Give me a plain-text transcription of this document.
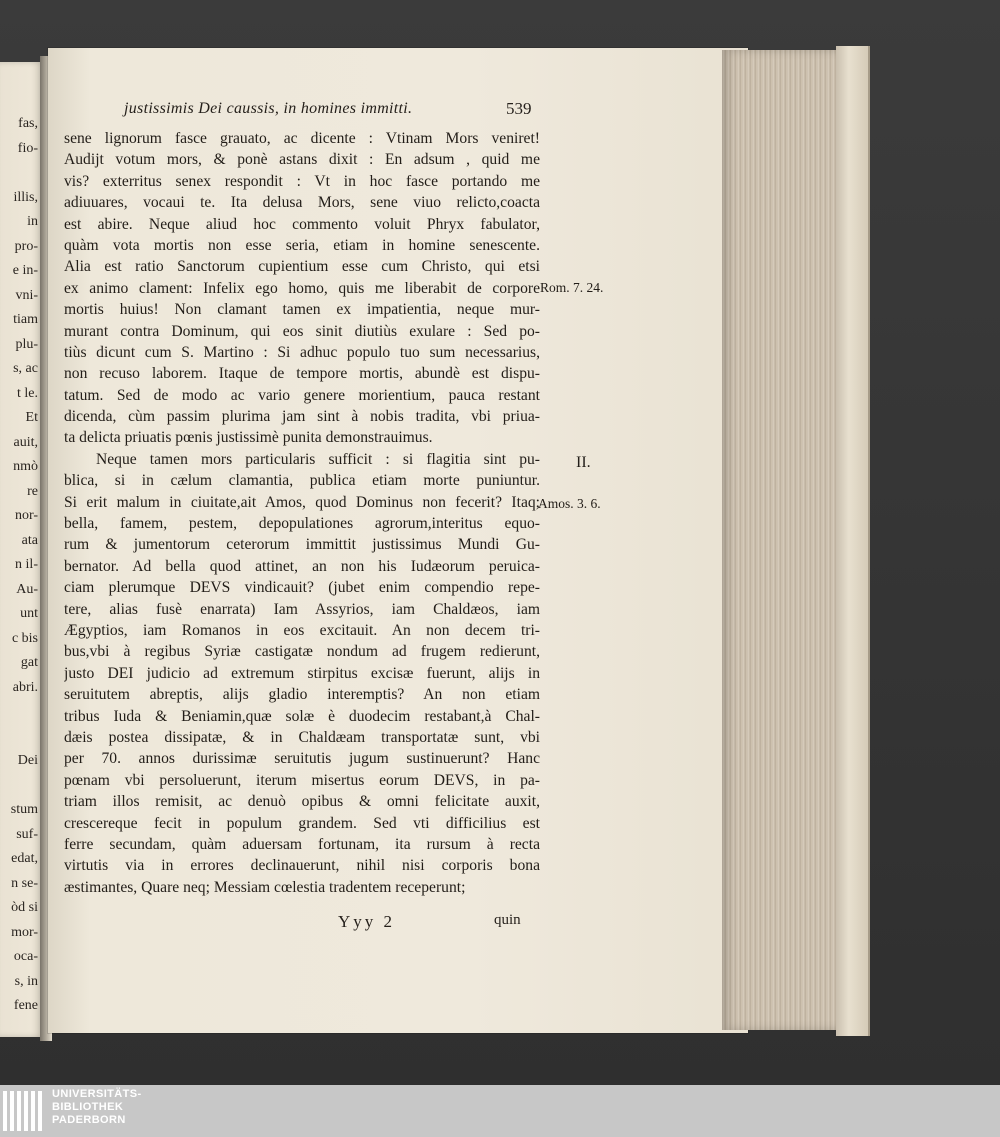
fas,
fio-
illis,
in
pro-
e in-
vni-
tiam
plu-
s, ac
t le.
Et
auit,
nmò
re
nor-
ata
n il-
Au-
unt
c bis
gat
abri.
Dei
stum
suf-
edat,
n se-
òd si
mor-
oca-
s, in
fene
justissimis Dei caussis, in homines immitti.	539
sene lignorum fasce grauato, ac dicente : Vtinam Mors veniret!
Audijt votum mors, & ponè astans dixit : En adsum , quid me
vis? exterritus senex respondit : Vt in hoc fasce portando me
adiuuares, vocaui te. Ita delusa Mors, sene viuo relicto,coacta
est abire. Neque aliud hoc commento voluit Phryx fabulator,
quàm vota mortis non esse seria, etiam in homine senescente.
Alia est ratio Sanctorum cupientium esse cum Christo, qui etsi
ex animo clament: Infelix ego homo, quis me liberabit de corpore
mortis huius! Non clamant tamen ex impatientia, neque mur-
murant contra Dominum, qui eos sinit diutiùs exulare : Sed po-
tiùs dicunt cum S. Martino : Si adhuc populo tuo sum necessarius,
non recuso laborem. Itaque de tempore mortis, abundè est dispu-
tatum. Sed de modo ac vario genere morientium, pauca restant
dicenda, cùm passim plurima jam sint à nobis tradita, vbi priua-
ta delicta priuatis pœnis justissimè punita demonstrauimus.
Neque tamen mors particularis sufficit : si flagitia sint pu-
blica, si in cælum clamantia, publica etiam morte puniuntur.
Si erit malum in ciuitate,ait Amos, quod Dominus non fecerit? Itaq;
bella, famem, pestem, depopulationes agrorum,interitus equo-
rum & jumentorum ceterorum immittit justissimus Mundi Gu-
bernator. Ad bella quod attinet, an non his Iudæorum peruica-
ciam plerumque DEVS vindicauit? (jubet enim compendio repe-
tere, alias fusè enarrata) Iam Assyrios, iam Chaldæos, iam
Ægyptios, iam Romanos in eos excitauit. An non decem tri-
bus,vbi à regibus Syriæ castigatæ nondum ad frugem redierunt,
justo DEI judicio ad extremum stirpitus excisæ fuerunt, alijs in
seruitutem abreptis, alijs gladio interemptis? An non etiam
tribus Iuda & Beniamin,quæ solæ è duodecim restabant,à Chal-
dæis postea dissipatæ, & in Chaldæam transportatæ sunt, vbi
per 70. annos durissimæ seruitutis jugum sustinuerunt? Hanc
pœnam vbi persoluerunt, iterum misertus eorum DEVS, in pa-
triam illos remisit, ac denuò opibus & omni felicitate auxit,
crescereque fecit in populum grandem. Sed vti difficilius est
ferre secundam, quàm aduersam fortunam, ita rursum à recta
virtutis via in errores declinauerunt, nihil nisi corporis bona
æstimantes, Quare neq; Messiam cœlestia tradentem receperunt;
Rom. 7. 24.
II.
Amos. 3. 6.
Yyy 2	quin
UNIVERSITÄTS-
BIBLIOTHEK
PADERBORN
